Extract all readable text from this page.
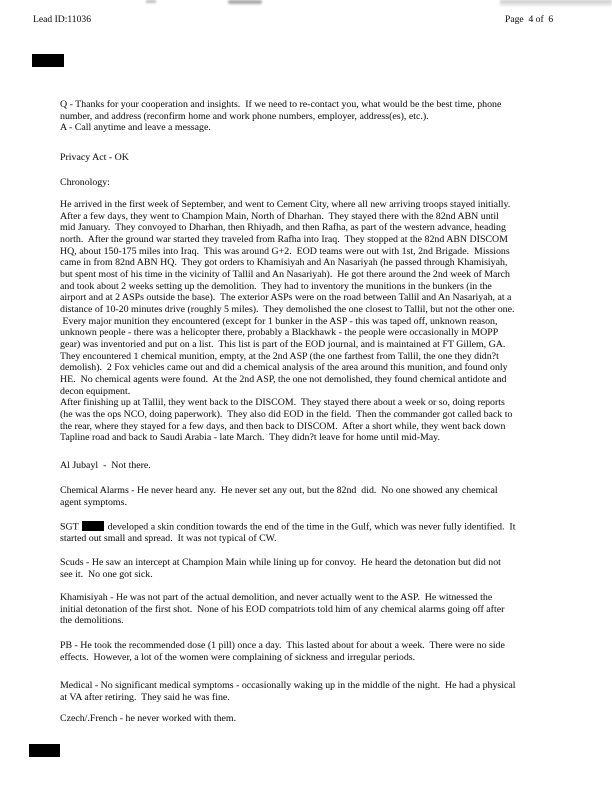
Lead ID:11036	Page  4 of  6
Q - Thanks for your cooperation and insights.  If we need to re-contact you, what would be the best time, phone
number, and address (reconfirm home and work phone numbers, employer, address(es), etc.).
A - Call anytime and leave a message.
Privacy Act - OK
Chronology:
He arrived in the first week of September, and went to Cement City, where all new arriving troops stayed initially.
After a few days, they went to Champion Main, North of Dharhan.  They stayed there with the 82nd ABN until
mid January.  They convoyed to Dharhan, then Rhiyadh, and then Rafha, as part of the western advance, heading
north.  After the ground war started they traveled from Rafha into Iraq.  They stopped at the 82nd ABN DISCOM
HQ, about 150-175 miles into Iraq.  This was around G+2.  EOD teams were out with 1st, 2nd Brigade.  Missions
came in from 82nd ABN HQ.  They got orders to Khamisiyah and An Nasariyah (he passed through Khamisiyah,
but spent most of his time in the vicinity of Tallil and An Nasariyah).  He got there around the 2nd week of March
and took about 2 weeks setting up the demolition.  They had to inventory the munitions in the bunkers (in the
airport and at 2 ASPs outside the base).  The exterior ASPs were on the road between Tallil and An Nasariyah, at a
distance of 10-20 minutes drive (roughly 5 miles).  They demolished the one closest to Tallil, but not the other one.
Every major munition they encountered (except for 1 bunker in the ASP - this was taped off, unknown reason,
unknown people - there was a helicopter there, probably a Blackhawk - the people were occasionally in MOPP
gear) was inventoried and put on a list.  This list is part of the EOD journal, and is maintained at FT Gillem, GA.
They encountered 1 chemical munition, empty, at the 2nd ASP (the one farthest from Tallil, the one they didn?t
demolish).  2 Fox vehicles came out and did a chemical analysis of the area around this munition, and found only
HE.  No chemical agents were found.  At the 2nd ASP, the one not demolished, they found chemical antidote and
decon equipment.
After finishing up at Tallil, they went back to the DISCOM.  They stayed there about a week or so, doing reports
(he was the ops NCO, doing paperwork).  They also did EOD in the field.  Then the commander got called back to
the rear, where they stayed for a few days, and then back to DISCOM.  After a short while, they went back down
Tapline road and back to Saudi Arabia - late March.  They didn?t leave for home until mid-May.
Al Jubayl  -  Not there.
Chemical Alarms - He never heard any.  He never set any out, but the 82nd  did.  No one showed any chemical
agent symptoms.
SGT	developed a skin condition towards the end of the time in the Gulf, which was never fully identified.  It
started out small and spread.  It was not typical of CW.
Scuds - He saw an intercept at Champion Main while lining up for convoy.  He heard the detonation but did not
see it.  No one got sick.
Khamisiyah - He was not part of the actual demolition, and never actually went to the ASP.  He witnessed the
initial detonation of the first shot.  None of his EOD compatriots told him of any chemical alarms going off after
the demolitions.
PB - He took the recommended dose (1 pill) once a day.  This lasted about for about a week.  There were no side
effects.  However, a lot of the women were complaining of sickness and irregular periods.
Medical - No significant medical symptoms - occasionally waking up in the middle of the night.  He had a physical
at VA after retiring.  They said he was fine.
Czech/.French - he never worked with them.
